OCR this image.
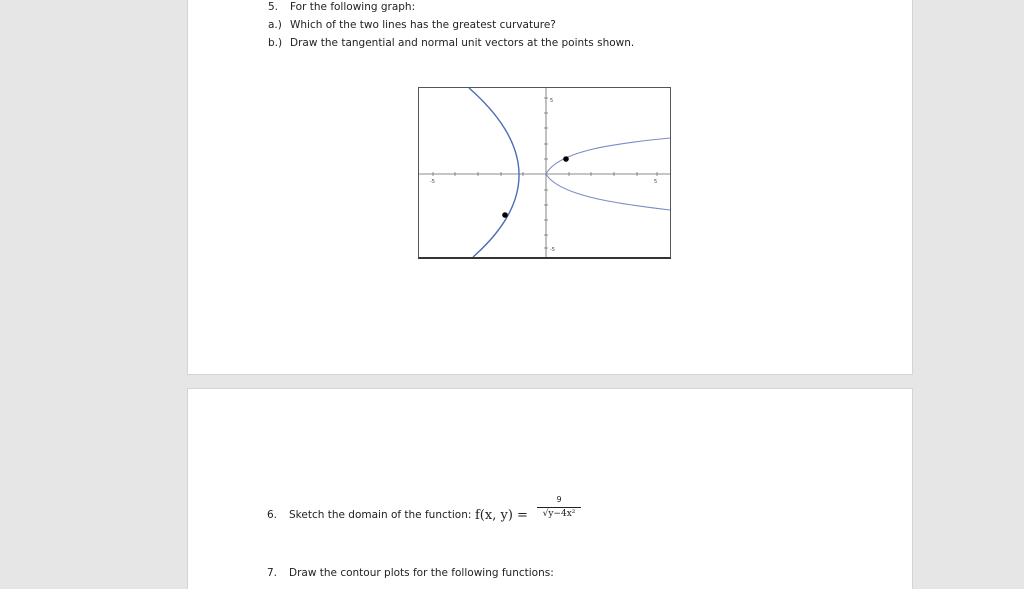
5. For the following graph:
a.) Which of the two lines has the greatest curvature?
b.) Draw the tangential and normal unit vectors at the points shown.
5
-5
-5	5
6. Sketch the domain of the function: f(x, y) =
9
√y−4x²
7. Draw the contour plots for the following functions:
